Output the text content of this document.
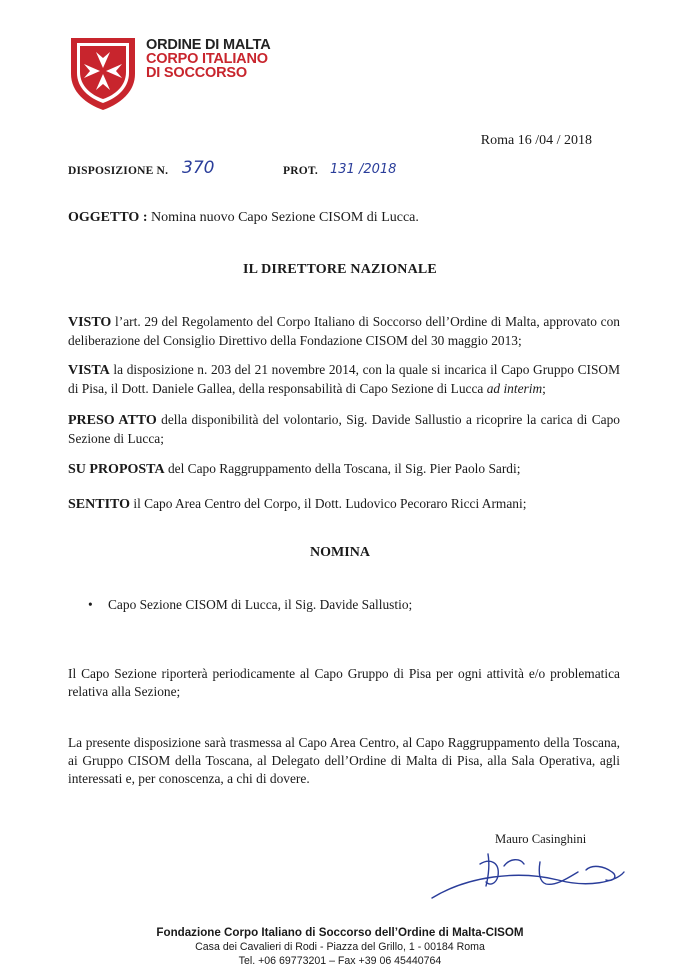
ORDINE DI MALTA
CORPO ITALIANO
DI SOCCORSO
Roma 16 /04 / 2018
DISPOSIZIONE N. 370	PROT. 131 /2018
OGGETTO : Nomina nuovo Capo Sezione CISOM di Lucca.
IL DIRETTORE NAZIONALE
VISTO l’art. 29 del Regolamento del Corpo Italiano di Soccorso dell’Ordine di Malta, approvato con deliberazione del Consiglio Direttivo della Fondazione CISOM del 30 maggio 2013;
VISTA la disposizione n. 203 del 21 novembre 2014, con la quale si incarica il Capo Gruppo CISOM di Pisa, il Dott. Daniele Gallea, della responsabilità di Capo Sezione di Lucca ad interim;
PRESO ATTO della disponibilità del volontario, Sig. Davide Sallustio a ricoprire la carica di Capo Sezione di Lucca;
SU PROPOSTA del Capo Raggruppamento della Toscana, il Sig. Pier Paolo Sardi;
SENTITO il Capo Area Centro del Corpo, il Dott. Ludovico Pecoraro Ricci Armani;
NOMINA
• Capo Sezione CISOM di Lucca, il Sig. Davide Sallustio;
Il Capo Sezione riporterà periodicamente al Capo Gruppo di Pisa per ogni attività e/o problematica relativa alla Sezione;
La presente disposizione sarà trasmessa al Capo Area Centro, al Capo Raggruppamento della Toscana, ai Gruppo CISOM della Toscana, al Delegato dell’Ordine di Malta di Pisa, alla Sala Operativa, agli interessati e, per conoscenza, a chi di dovere.
Mauro Casinghini
Fondazione Corpo Italiano di Soccorso dell’Ordine di Malta-CISOM
Casa dei Cavalieri di Rodi - Piazza del Grillo, 1 - 00184 Roma
Tel. +06 69773201 – Fax +39 06 45440764
